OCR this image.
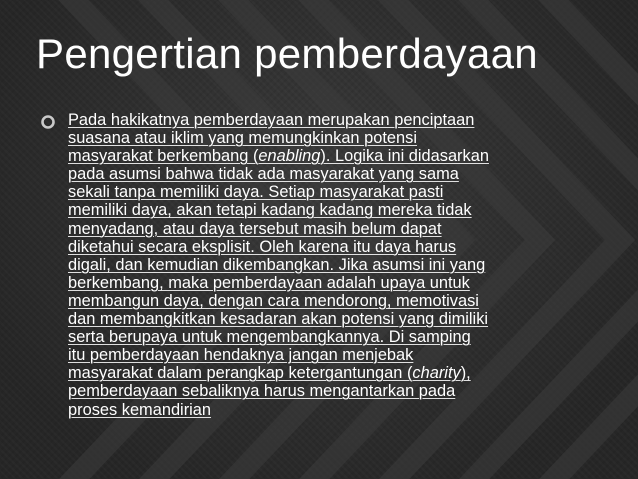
Pengertian pemberdayaan

Pada hakikatnya pemberdayaan merupakan penciptaan
suasana atau iklim yang memungkinkan potensi
masyarakat berkembang (enabling). Logika ini didasarkan
pada asumsi bahwa tidak ada masyarakat yang sama
sekali tanpa memiliki daya. Setiap masyarakat pasti
memiliki daya, akan tetapi kadang kadang mereka tidak
menyadang, atau daya tersebut masih belum dapat
diketahui secara eksplisit. Oleh karena itu daya harus
digali, dan kemudian dikembangkan. Jika asumsi ini yang
berkembang, maka pemberdayaan adalah upaya untuk
membangun daya, dengan cara mendorong, memotivasi
dan membangkitkan kesadaran akan potensi yang dimiliki
serta berupaya untuk mengembangkannya. Di samping
itu pemberdayaan hendaknya jangan menjebak
masyarakat dalam perangkap ketergantungan (charity),
pemberdayaan sebaliknya harus mengantarkan pada
proses kemandirian
